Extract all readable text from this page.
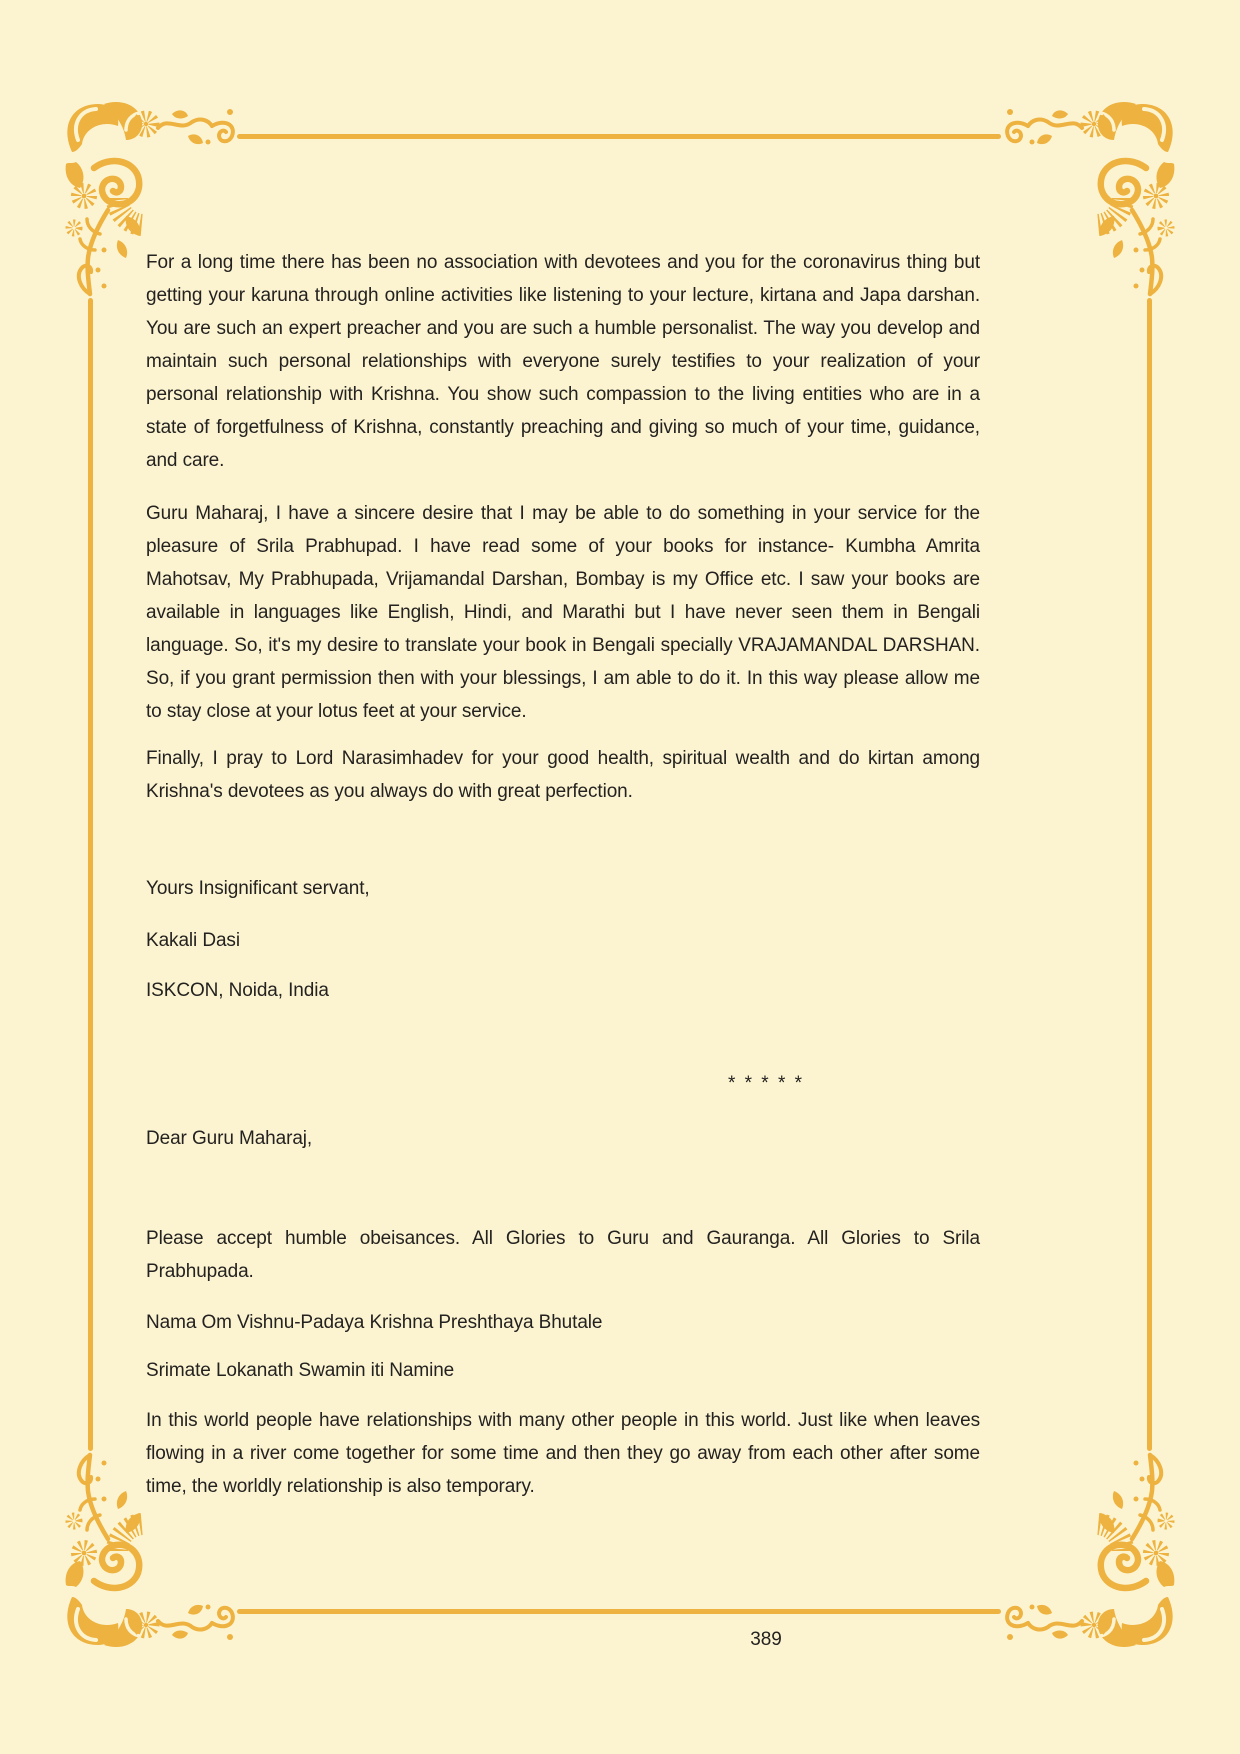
For a long time there has been no association with devotees and you for the coronavirus thing but getting your karuna through online activities like listening to your lecture, kirtana and Japa darshan. You are such an expert preacher and you are such a humble personalist. The way you develop and maintain such personal relationships with everyone surely testifies to your realization of your personal relationship with Krishna. You show such compassion to the living entities who are in a state of forgetfulness of Krishna, constantly preaching and giving so much of your time, guidance, and care.

Guru Maharaj, I have a sincere desire that I may be able to do something in your service for the pleasure of Srila Prabhupad. I have read some of your books for instance- Kumbha Amrita Mahotsav, My Prabhupada, Vrijamandal Darshan, Bombay is my Office etc. I saw your books are available in languages like English, Hindi, and Marathi but I have never seen them in Bengali language. So, it's my desire to translate your book in Bengali specially VRAJAMANDAL DARSHAN. So, if you grant permission then with your blessings, I am able to do it. In this way please allow me to stay close at your lotus feet at your service.

Finally, I pray to Lord Narasimhadev for your good health, spiritual wealth and do kirtan among Krishna's devotees as you always do with great perfection.

Yours Insignificant servant,

Kakali Dasi

ISKCON, Noida, India

* * * * *

Dear Guru Maharaj,

Please accept humble obeisances. All Glories to Guru and Gauranga. All Glories to Srila Prabhupada.

Nama Om Vishnu-Padaya Krishna Preshthaya Bhutale

Srimate Lokanath Swamin iti Namine

In this world people have relationships with many other people in this world. Just like when leaves flowing in a river come together for some time and then they go away from each other after some time, the worldly relationship is also temporary.

389
